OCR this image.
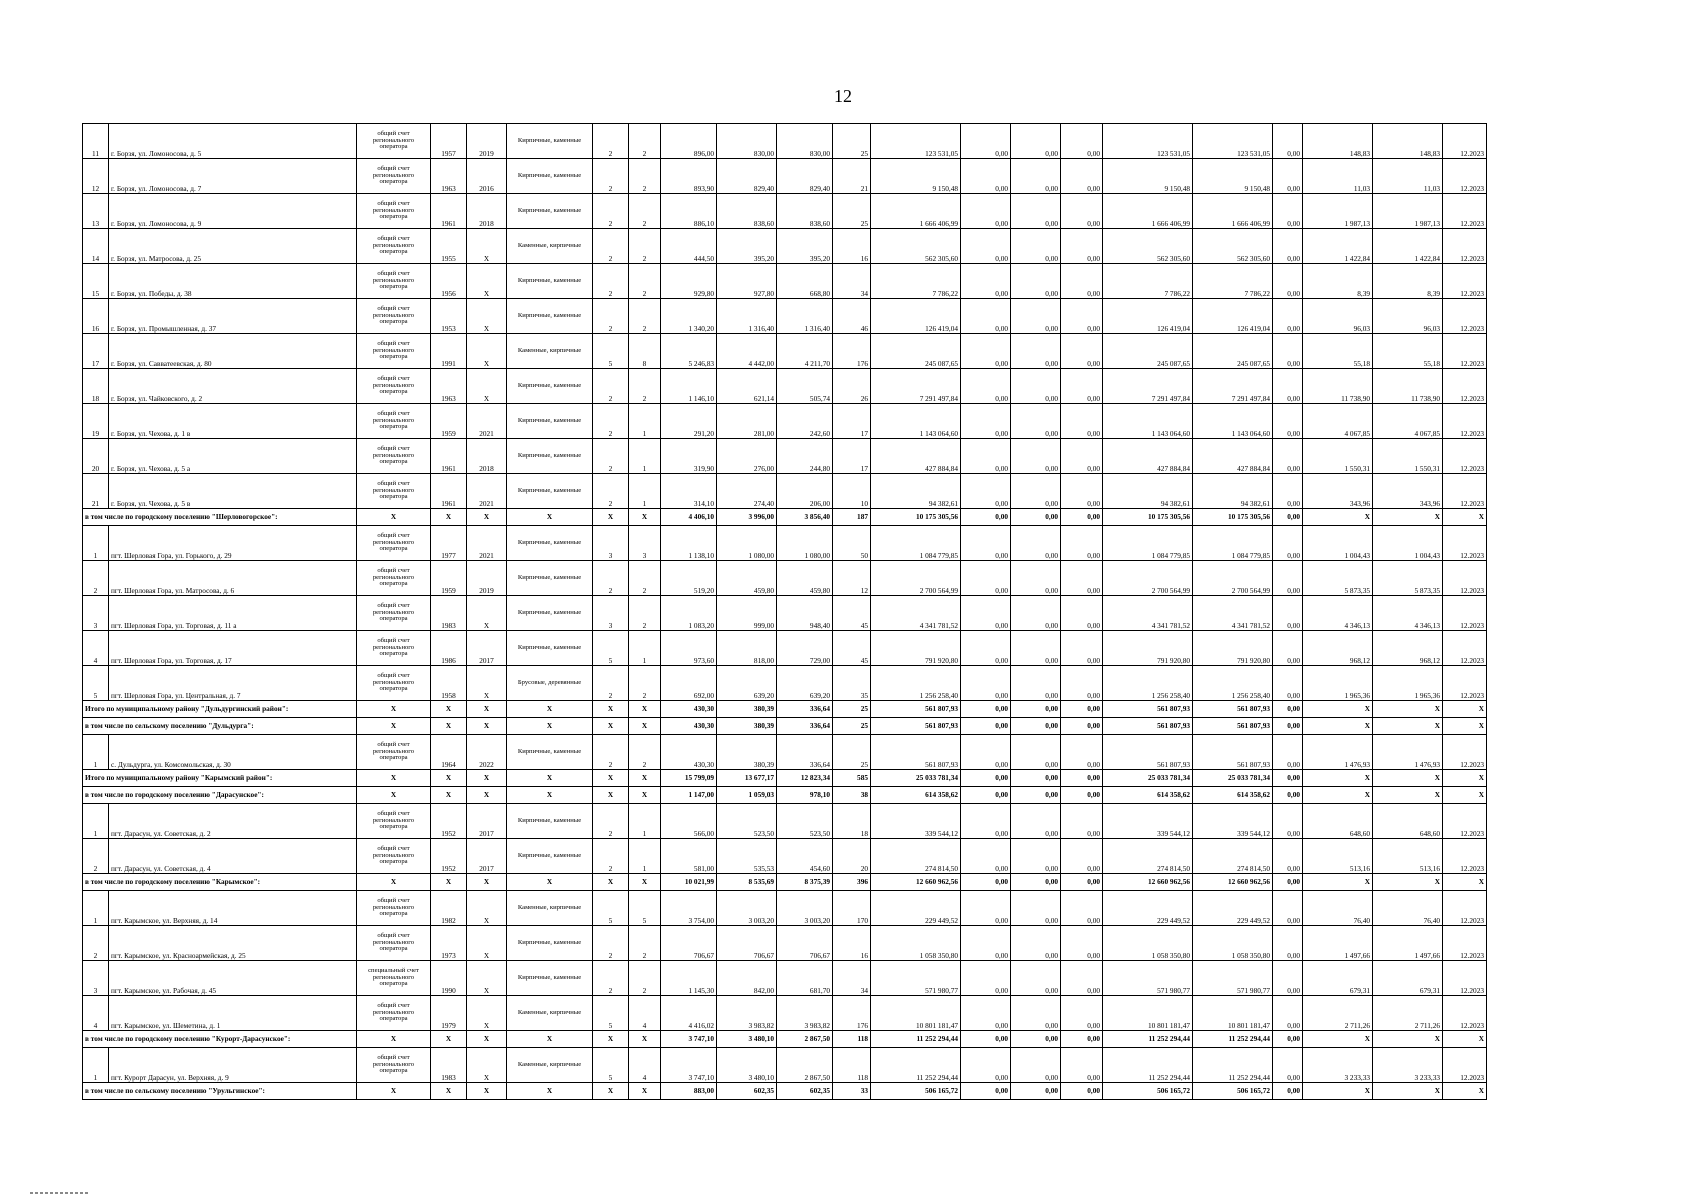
12
11	г. Борзя, ул. Ломоносова, д. 5	общий счет регионального оператора	1957	2019	Кирпичные, каменные	2	2	896,00	830,00	830,00	25	123 531,05	0,00	0,00	0,00	123 531,05	123 531,05	0,00	148,83	148,83	12.2023
12	г. Борзя, ул. Ломоносова, д. 7	общий счет регионального оператора	1963	2016	Кирпичные, каменные	2	2	893,90	829,40	829,40	21	9 150,48	0,00	0,00	0,00	9 150,48	9 150,48	0,00	11,03	11,03	12.2023
13	г. Борзя, ул. Ломоносова, д. 9	общий счет регионального оператора	1961	2018	Кирпичные, каменные	2	2	886,10	838,60	838,60	25	1 666 406,99	0,00	0,00	0,00	1 666 406,99	1 666 406,99	0,00	1 987,13	1 987,13	12.2023
14	г. Борзя, ул. Матросова, д. 25	общий счет регионального оператора	1955	X	Каменные, кирпичные	2	2	444,50	395,20	395,20	16	562 305,60	0,00	0,00	0,00	562 305,60	562 305,60	0,00	1 422,84	1 422,84	12.2023
15	г. Борзя, ул. Победы, д. 38	общий счет регионального оператора	1956	X	Кирпичные, каменные	2	2	929,80	927,80	668,80	34	7 786,22	0,00	0,00	0,00	7 786,22	7 786,22	0,00	8,39	8,39	12.2023
16	г. Борзя, ул. Промышленная, д. 37	общий счет регионального оператора	1953	X	Кирпичные, каменные	2	2	1 340,20	1 316,40	1 316,40	46	126 419,04	0,00	0,00	0,00	126 419,04	126 419,04	0,00	96,03	96,03	12.2023
17	г. Борзя, ул. Савватеевская, д. 80	общий счет регионального оператора	1991	X	Каменные, кирпичные	5	8	5 246,83	4 442,00	4 211,70	176	245 087,65	0,00	0,00	0,00	245 087,65	245 087,65	0,00	55,18	55,18	12.2023
18	г. Борзя, ул. Чайковского, д. 2	общий счет регионального оператора	1963	X	Кирпичные, каменные	2	2	1 146,10	621,14	505,74	26	7 291 497,84	0,00	0,00	0,00	7 291 497,84	7 291 497,84	0,00	11 738,90	11 738,90	12.2023
19	г. Борзя, ул. Чехова, д. 1 в	общий счет регионального оператора	1959	2021	Кирпичные, каменные	2	1	291,20	281,00	242,60	17	1 143 064,60	0,00	0,00	0,00	1 143 064,60	1 143 064,60	0,00	4 067,85	4 067,85	12.2023
20	г. Борзя, ул. Чехова, д. 5 а	общий счет регионального оператора	1961	2018	Кирпичные, каменные	2	1	319,90	276,00	244,80	17	427 884,84	0,00	0,00	0,00	427 884,84	427 884,84	0,00	1 550,31	1 550,31	12.2023
21	г. Борзя, ул. Чехова, д. 5 в	общий счет регионального оператора	1961	2021	Кирпичные, каменные	2	1	314,10	274,40	206,00	10	94 382,61	0,00	0,00	0,00	94 382,61	94 382,61	0,00	343,96	343,96	12.2023
в том числе по городскому поселению "Шерловогорское":		X	X	X	X	X	X	4 406,10	3 996,00	3 856,40	187	10 175 305,56	0,00	0,00	0,00	10 175 305,56	10 175 305,56	0,00	X	X	X
1	пгт. Шерловая Гора, ул. Горького, д. 29	общий счет регионального оператора	1977	2021	Кирпичные, каменные	3	3	1 138,10	1 080,00	1 080,00	50	1 084 779,85	0,00	0,00	0,00	1 084 779,85	1 084 779,85	0,00	1 004,43	1 004,43	12.2023
2	пгт. Шерловая Гора, ул. Матросова, д. 6	общий счет регионального оператора	1959	2019	Кирпичные, каменные	2	2	519,20	459,80	459,80	12	2 700 564,99	0,00	0,00	0,00	2 700 564,99	2 700 564,99	0,00	5 873,35	5 873,35	12.2023
3	пгт. Шерловая Гора, ул. Торговая, д. 11 а	общий счет регионального оператора	1983	X	Кирпичные, каменные	3	2	1 083,20	999,00	948,40	45	4 341 781,52	0,00	0,00	0,00	4 341 781,52	4 341 781,52	0,00	4 346,13	4 346,13	12.2023
4	пгт. Шерловая Гора, ул. Торговая, д. 17	общий счет регионального оператора	1986	2017	Кирпичные, каменные	5	1	973,60	818,00	729,00	45	791 920,80	0,00	0,00	0,00	791 920,80	791 920,80	0,00	968,12	968,12	12.2023
5	пгт. Шерловая Гора, ул. Центральная, д. 7	общий счет регионального оператора	1958	X	Брусовые, деревянные	2	2	692,00	639,20	639,20	35	1 256 258,40	0,00	0,00	0,00	1 256 258,40	1 256 258,40	0,00	1 965,36	1 965,36	12.2023
Итого по муниципальному району "Дульдургинский район":		X	X	X	X	X	X	430,30	380,39	336,64	25	561 807,93	0,00	0,00	0,00	561 807,93	561 807,93	0,00	X	X	X
в том числе по сельскому поселению "Дульдурга":		X	X	X	X	X	X	430,30	380,39	336,64	25	561 807,93	0,00	0,00	0,00	561 807,93	561 807,93	0,00	X	X	X
1	с. Дульдурга, ул. Комсомольская, д. 30	общий счет регионального оператора	1964	2022	Кирпичные, каменные	2	2	430,30	380,39	336,64	25	561 807,93	0,00	0,00	0,00	561 807,93	561 807,93	0,00	1 476,93	1 476,93	12.2023
Итого по муниципальному району "Карымский район":		X	X	X	X	X	X	15 799,09	13 677,17	12 823,34	585	25 033 781,34	0,00	0,00	0,00	25 033 781,34	25 033 781,34	0,00	X	X	X
в том числе по городскому поселению "Дарасунское":		X	X	X	X	X	X	1 147,00	1 059,03	978,10	38	614 358,62	0,00	0,00	0,00	614 358,62	614 358,62	0,00	X	X	X
1	пгт. Дарасун, ул. Советская, д. 2	общий счет регионального оператора	1952	2017	Кирпичные, каменные	2	1	566,00	523,50	523,50	18	339 544,12	0,00	0,00	0,00	339 544,12	339 544,12	0,00	648,60	648,60	12.2023
2	пгт. Дарасун, ул. Советская, д. 4	общий счет регионального оператора	1952	2017	Кирпичные, каменные	2	1	581,00	535,53	454,60	20	274 814,50	0,00	0,00	0,00	274 814,50	274 814,50	0,00	513,16	513,16	12.2023
в том числе по городскому поселению "Карымское":		X	X	X	X	X	X	10 021,99	8 535,69	8 375,39	396	12 660 962,56	0,00	0,00	0,00	12 660 962,56	12 660 962,56	0,00	X	X	X
1	пгт. Карымское, ул. Верхняя, д. 14	общий счет регионального оператора	1982	X	Каменные, кирпичные	5	5	3 754,00	3 003,20	3 003,20	170	229 449,52	0,00	0,00	0,00	229 449,52	229 449,52	0,00	76,40	76,40	12.2023
2	пгт. Карымское, ул. Красноармейская, д. 25	общий счет регионального оператора	1973	X	Кирпичные, каменные	2	2	706,67	706,67	706,67	16	1 058 350,80	0,00	0,00	0,00	1 058 350,80	1 058 350,80	0,00	1 497,66	1 497,66	12.2023
3	пгт. Карымское, ул. Рабочая, д. 45	специальный счет регионального оператора	1990	X	Кирпичные, каменные	2	2	1 145,30	842,00	681,70	34	571 980,77	0,00	0,00	0,00	571 980,77	571 980,77	0,00	679,31	679,31	12.2023
4	пгт. Карымское, ул. Шеметина, д. 1	общий счет регионального оператора	1979	X	Каменные, кирпичные	5	4	4 416,02	3 983,82	3 983,82	176	10 801 181,47	0,00	0,00	0,00	10 801 181,47	10 801 181,47	0,00	2 711,26	2 711,26	12.2023
в том числе по городскому поселению "Курорт-Дарасунское":		X	X	X	X	X	X	3 747,10	3 480,10	2 867,50	118	11 252 294,44	0,00	0,00	0,00	11 252 294,44	11 252 294,44	0,00	X	X	X
1	пгт. Курорт Дарасун, ул. Верхняя, д. 9	общий счет регионального оператора	1983	X	Каменные, кирпичные	5	4	3 747,10	3 480,10	2 867,50	118	11 252 294,44	0,00	0,00	0,00	11 252 294,44	11 252 294,44	0,00	3 233,33	3 233,33	12.2023
в том числе по сельскому поселению "Урульгинское":		X	X	X	X	X	X	883,00	602,35	602,35	33	506 165,72	0,00	0,00	0,00	506 165,72	506 165,72	0,00	X	X	X
